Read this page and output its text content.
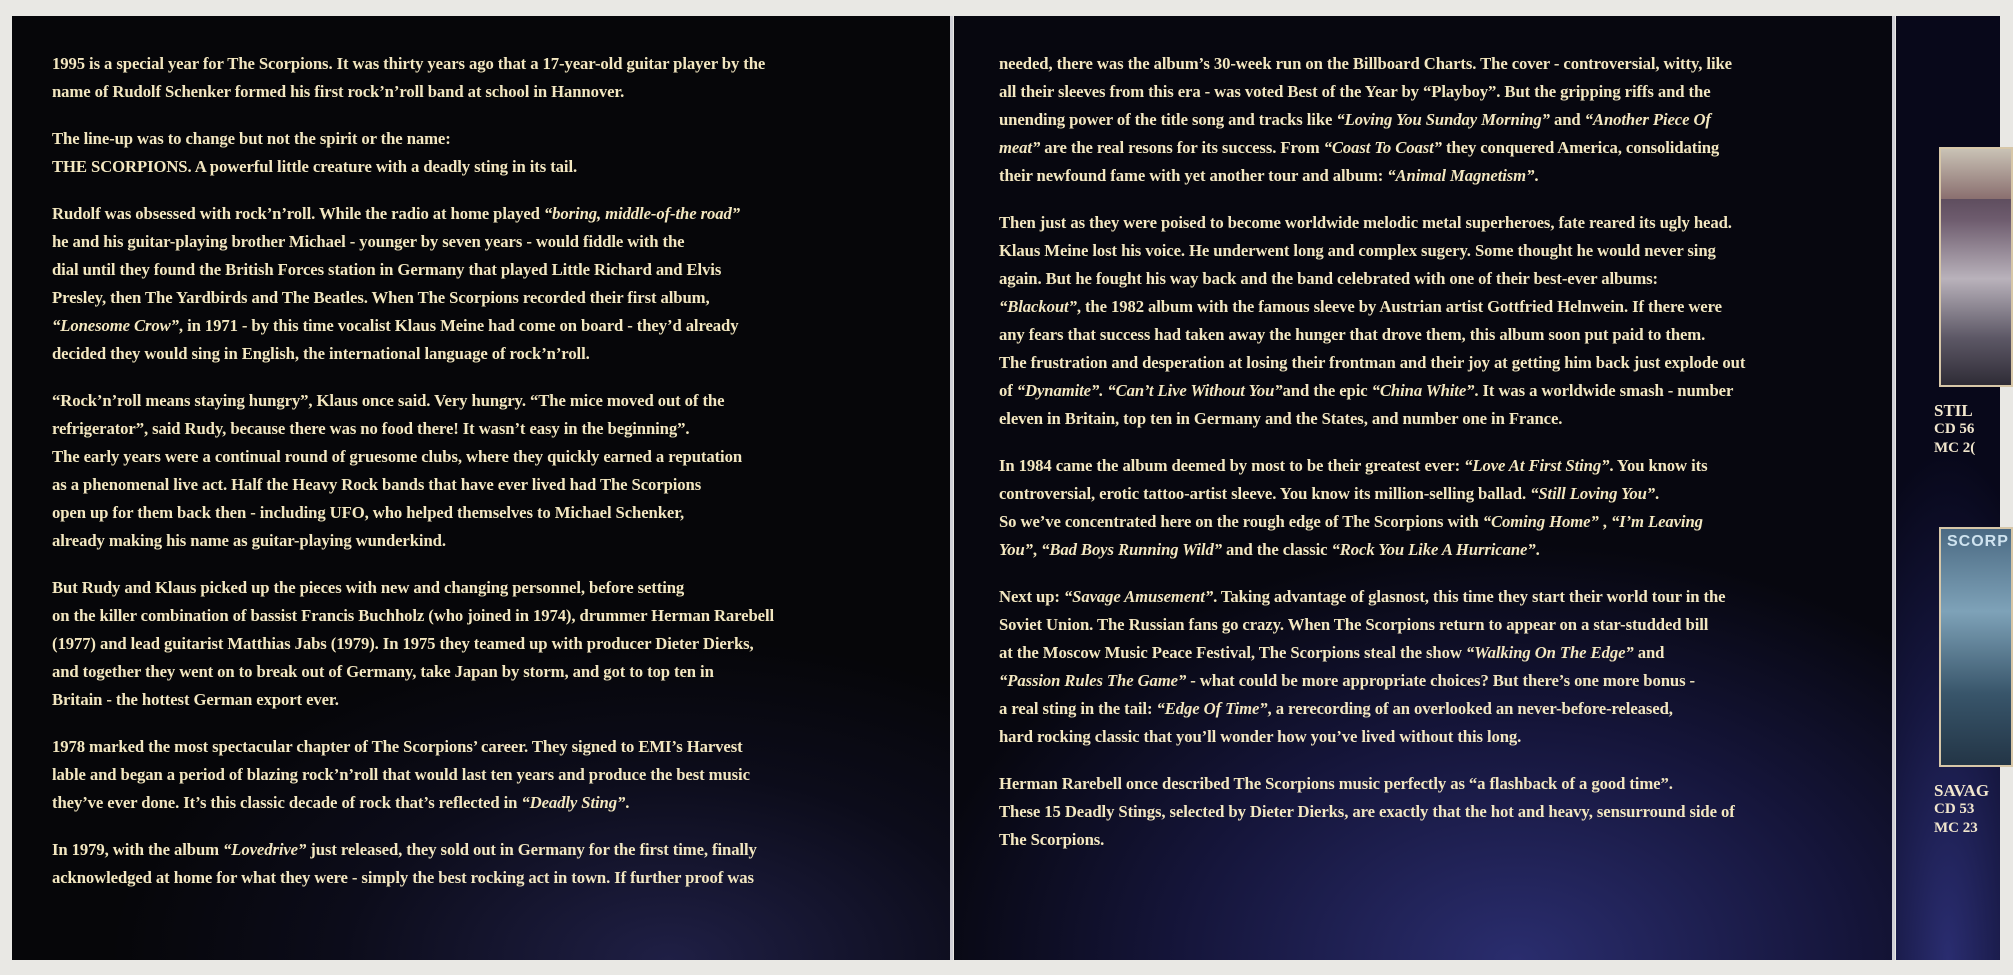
1995 is a special year for The Scorpions. It was thirty years ago that a 17-year-old guitar player by the
name of Rudolf Schenker formed his first rock’n’roll band at school in Hannover.

The line-up was to change but not the spirit or the name:
THE SCORPIONS. A powerful little creature with a deadly sting in its tail.

Rudolf was obsessed with rock’n’roll. While the radio at home played “boring, middle-of-the road”
he and his guitar-playing brother Michael - younger by seven years - would fiddle with the
dial until they found the British Forces station in Germany that played Little Richard and Elvis
Presley, then The Yardbirds and The Beatles. When The Scorpions recorded their first album,
“Lonesome Crow”, in 1971 - by this time vocalist Klaus Meine had come on board - they’d already
decided they would sing in English, the international language of rock’n’roll.

“Rock’n’roll means staying hungry”, Klaus once said. Very hungry. “The mice moved out of the
refrigerator”, said Rudy, because there was no food there! It wasn’t easy in the beginning”.
The early years were a continual round of gruesome clubs, where they quickly earned a reputation
as a phenomenal live act. Half the Heavy Rock bands that have ever lived had The Scorpions
open up for them back then - including UFO, who helped themselves to Michael Schenker,
already making his name as guitar-playing wunderkind.

But Rudy and Klaus picked up the pieces with new and changing personnel, before setting
on the killer combination of bassist Francis Buchholz (who joined in 1974), drummer Herman Rarebell
(1977) and lead guitarist Matthias Jabs (1979). In 1975 they teamed up with producer Dieter Dierks,
and together they went on to break out of Germany, take Japan by storm, and got to top ten in
Britain - the hottest German export ever.

1978 marked the most spectacular chapter of The Scorpions’ career. They signed to EMI’s Harvest
lable and began a period of blazing rock’n’roll that would last ten years and produce the best music
they’ve ever done. It’s this classic decade of rock that’s reflected in “Deadly Sting”.

In 1979, with the album “Lovedrive” just released, they sold out in Germany for the first time, finally
acknowledged at home for what they were - simply the best rocking act in town. If further proof was

needed, there was the album’s 30-week run on the Billboard Charts. The cover - controversial, witty, like
all their sleeves from this era - was voted Best of the Year by “Playboy”. But the gripping riffs and the
unending power of the title song and tracks like “Loving You Sunday Morning” and “Another Piece Of
meat” are the real resons for its success. From “Coast To Coast” they conquered America, consolidating
their newfound fame with yet another tour and album: “Animal Magnetism”.

Then just as they were poised to become worldwide melodic metal superheroes, fate reared its ugly head.
Klaus Meine lost his voice. He underwent long and complex sugery. Some thought he would never sing
again. But he fought his way back and the band celebrated with one of their best-ever albums:
“Blackout”, the 1982 album with the famous sleeve by Austrian artist Gottfried Helnwein. If there were
any fears that success had taken away the hunger that drove them, this album soon put paid to them.
The frustration and desperation at losing their frontman and their joy at getting him back just explode out
of “Dynamite”. “Can’t Live Without You”and the epic “China White”. It was a worldwide smash - number
eleven in Britain, top ten in Germany and the States, and number one in France.

In 1984 came the album deemed by most to be their greatest ever: “Love At First Sting”. You know its
controversial, erotic tattoo-artist sleeve. You know its million-selling ballad. “Still Loving You”.
So we’ve concentrated here on the rough edge of The Scorpions with “Coming Home” , “I’m Leaving
You”, “Bad Boys Running Wild” and the classic “Rock You Like A Hurricane”.

Next up: “Savage Amusement”. Taking advantage of glasnost, this time they start their world tour in the
Soviet Union. The Russian fans go crazy. When The Scorpions return to appear on a star-studded bill
at the Moscow Music Peace Festival, The Scorpions steal the show “Walking On The Edge” and
“Passion Rules The Game” - what could be more appropriate choices? But there’s one more bonus -
a real sting in the tail: “Edge Of Time”, a rerecording of an overlooked an never-before-released,
hard rocking classic that you’ll wonder how you’ve lived without this long.

Herman Rarebell once described The Scorpions music perfectly as “a flashback of a good time”.
These 15 Deadly Stings, selected by Dieter Dierks, are exactly that the hot and heavy, sensurround side of
The Scorpions.

STIL
CD 56
MC 2(
SCORP
SAVAG
CD 53
MC 23
